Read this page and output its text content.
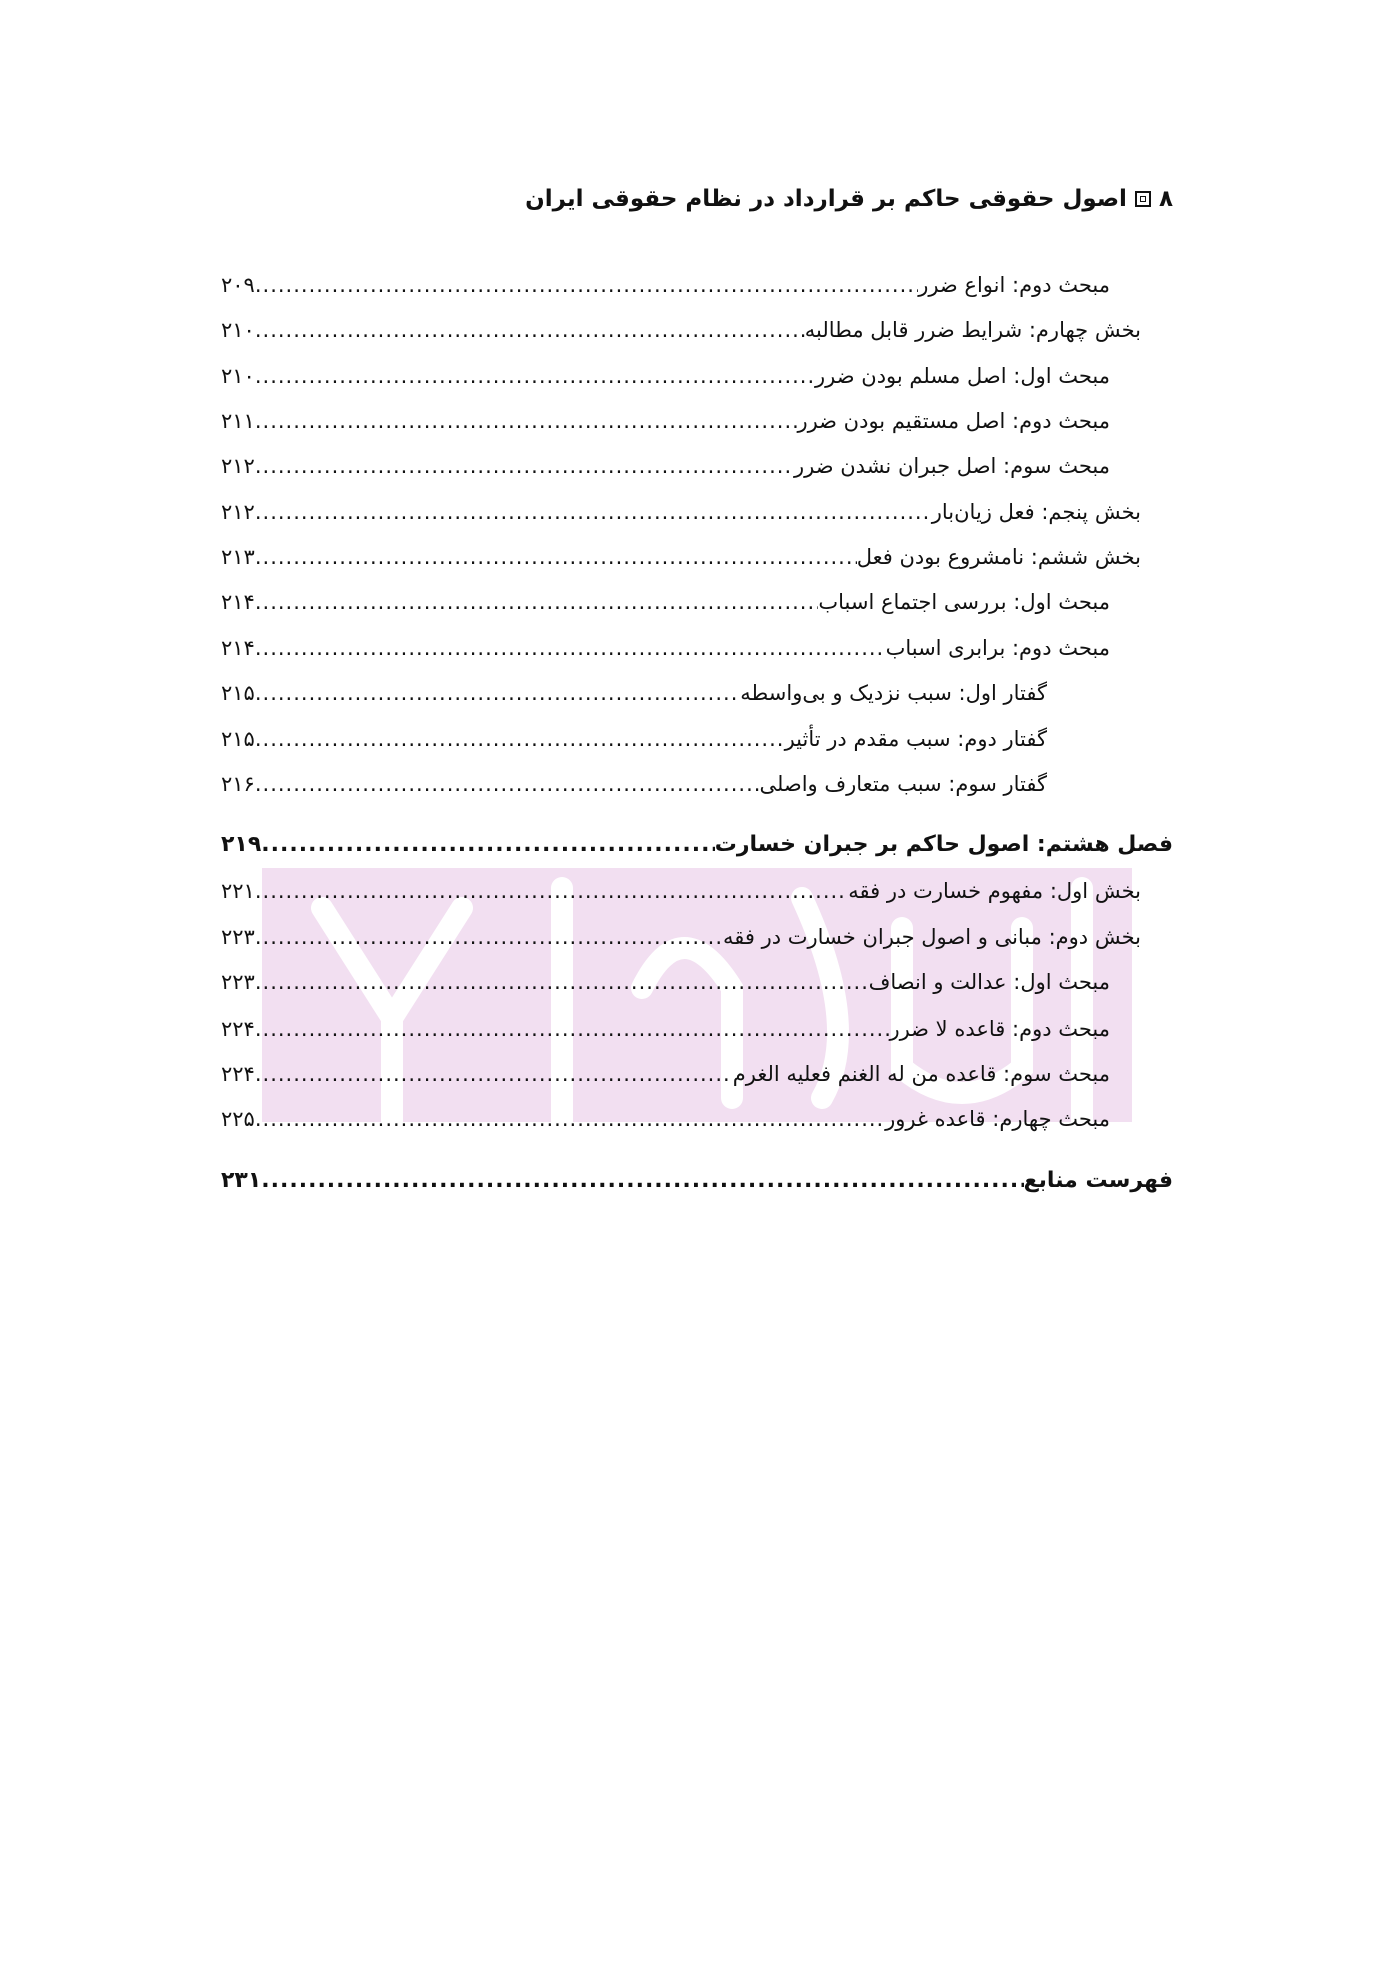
۸
اصول حقوقی حاکم بر قرارداد در نظام حقوقی ایران
مبحث دوم: انواع ضرر
.....
۲۰۹
بخش چهارم: شرایط ضرر قابل مطالبه
.....
۲۱۰
مبحث اول: اصل مسلم بودن ضرر
.....
۲۱۰
مبحث دوم: اصل مستقیم بودن ضرر
.....
۲۱۱
مبحث سوم: اصل جبران نشدن ضرر
.....
۲۱۲
بخش پنجم: فعل زیان‌بار
.....
۲۱۲
بخش ششم: نامشروع بودن فعل
.....
۲۱۳
مبحث اول: بررسی اجتماع اسباب
.....
۲۱۴
مبحث دوم: برابری اسباب
.....
۲۱۴
گفتار اول: سبب نزدیک و بی‌واسطه
.....
۲۱۵
گفتار دوم: سبب مقدم در تأثیر
.....
۲۱۵
گفتار سوم: سبب متعارف واصلی
.....
۲۱۶
فصل هشتم: اصول حاکم بر جبران خسارت
.....
۲۱۹
بخش اول: مفهوم خسارت در فقه
.....
۲۲۱
بخش دوم: مبانی و اصول جبران خسارت در فقه
.....
۲۲۳
مبحث اول: عدالت و انصاف
.....
۲۲۳
مبحث دوم: قاعده لا ضرر
.....
۲۲۴
مبحث سوم: قاعده من له الغنم فعلیه الغرم
.....
۲۲۴
مبحث چهارم: قاعده غرور
.....
۲۲۵
فهرست منابع
.....
۲۳۱
